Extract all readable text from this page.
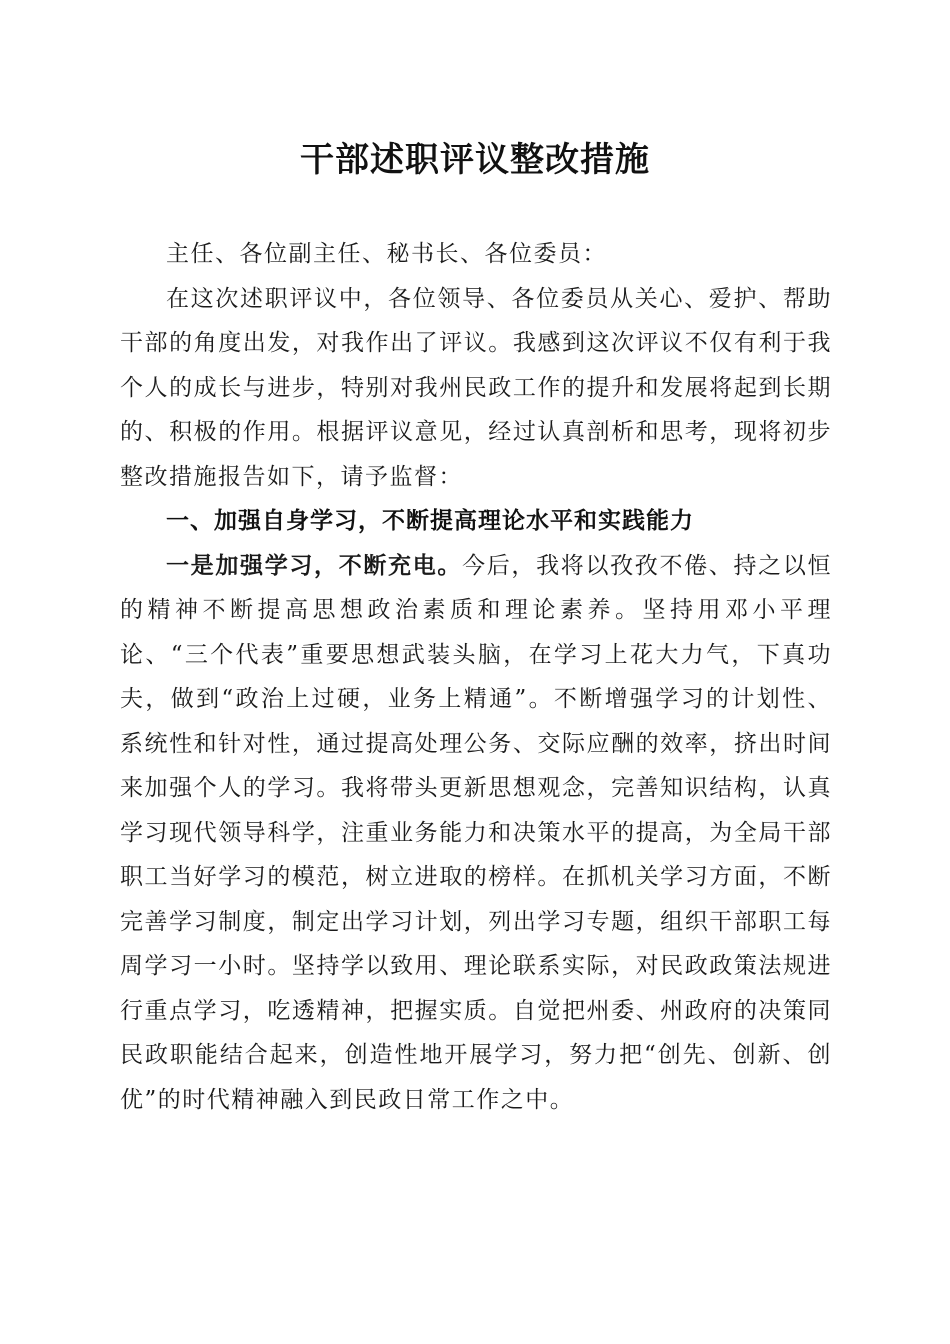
干部述职评议整改措施

主任、各位副主任、秘书长、各位委员：

在这次述职评议中，各位领导、各位委员从关心、爱护、帮助干部的角度出发，对我作出了评议。我感到这次评议不仅有利于我个人的成长与进步，特别对我州民政工作的提升和发展将起到长期的、积极的作用。根据评议意见，经过认真剖析和思考，现将初步整改措施报告如下，请予监督：

一、加强自身学习，不断提高理论水平和实践能力

一是加强学习，不断充电。今后，我将以孜孜不倦、持之以恒的精神不断提高思想政治素质和理论素养。坚持用邓小平理论、“三个代表”重要思想武装头脑，在学习上花大力气，下真功夫，做到“政治上过硬，业务上精通”。不断增强学习的计划性、系统性和针对性，通过提高处理公务、交际应酬的效率，挤出时间来加强个人的学习。我将带头更新思想观念，完善知识结构，认真学习现代领导科学，注重业务能力和决策水平的提高，为全局干部职工当好学习的模范，树立进取的榜样。在抓机关学习方面，不断完善学习制度，制定出学习计划，列出学习专题，组织干部职工每周学习一小时。坚持学以致用、理论联系实际，对民政政策法规进行重点学习，吃透精神，把握实质。自觉把州委、州政府的决策同民政职能结合起来，创造性地开展学习，努力把“创先、创新、创优”的时代精神融入到民政日常工作之中。
